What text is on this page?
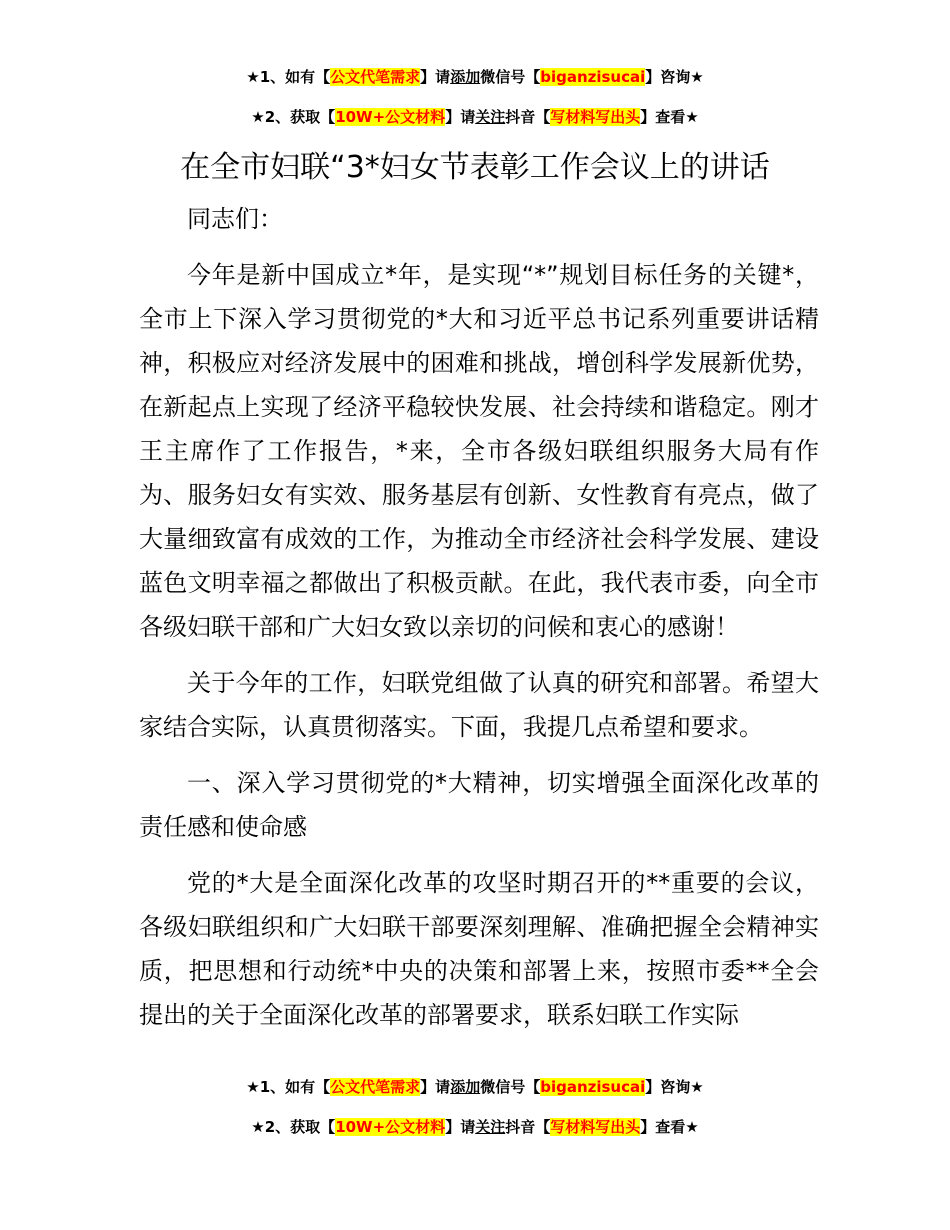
★1、如有【公文代笔需求】请添加微信号【biganzisucai】咨询★
★2、获取【10W+公文材料】请关注抖音【写材料写出头】查看★
在全市妇联“3*妇女节表彰工作会议上的讲话

同志们：

今年是新中国成立*年，是实现“*”规划目标任务的关键*，全市上下深入学习贯彻党的*大和习近平总书记系列重要讲话精神，积极应对经济发展中的困难和挑战，增创科学发展新优势，在新起点上实现了经济平稳较快发展、社会持续和谐稳定。刚才王主席作了工作报告，*来，全市各级妇联组织服务大局有作为、服务妇女有实效、服务基层有创新、女性教育有亮点，做了大量细致富有成效的工作，为推动全市经济社会科学发展、建设蓝色文明幸福之都做出了积极贡献。在此，我代表市委，向全市各级妇联干部和广大妇女致以亲切的问候和衷心的感谢！

关于今年的工作，妇联党组做了认真的研究和部署。希望大家结合实际，认真贯彻落实。下面，我提几点希望和要求。

一、深入学习贯彻党的*大精神，切实增强全面深化改革的责任感和使命感

党的*大是全面深化改革的攻坚时期召开的**重要的会议，各级妇联组织和广大妇联干部要深刻理解、准确把握全会精神实质，把思想和行动统*中央的决策和部署上来，按照市委**全会提出的关于全面深化改革的部署要求，联系妇联工作实际

★1、如有【公文代笔需求】请添加微信号【biganzisucai】咨询★
★2、获取【10W+公文材料】请关注抖音【写材料写出头】查看★
